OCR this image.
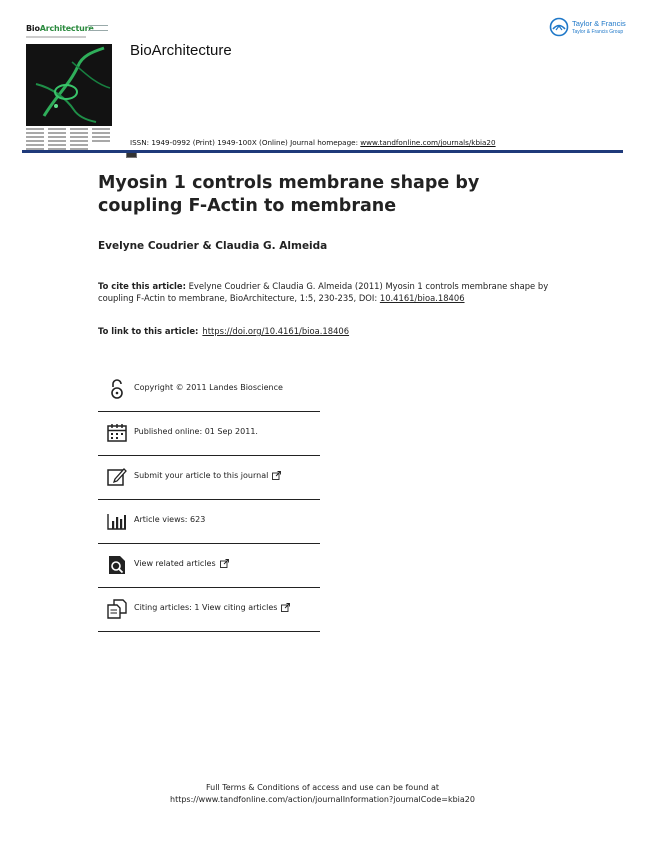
BioArchitecture
BioArchitecture
Taylor & Francis
Taylor & Francis Group
ISSN: 1949-0992 (Print) 1949-100X (Online) Journal homepage: www.tandfonline.com/journals/kbia20
Myosin 1 controls membrane shape by coupling F-Actin to membrane
Evelyne Coudrier & Claudia G. Almeida
To cite this article: Evelyne Coudrier & Claudia G. Almeida (2011) Myosin 1 controls membrane shape by coupling F-Actin to membrane, BioArchitecture, 1:5, 230-235, DOI: 10.4161/bioa.18406
To link to this article: https://doi.org/10.4161/bioa.18406
Copyright © 2011 Landes Bioscience
Published online: 01 Sep 2011.
Submit your article to this journal
Article views: 623
View related articles
Citing articles: 1 View citing articles
Full Terms & Conditions of access and use can be found at
https://www.tandfonline.com/action/journalInformation?journalCode=kbia20
